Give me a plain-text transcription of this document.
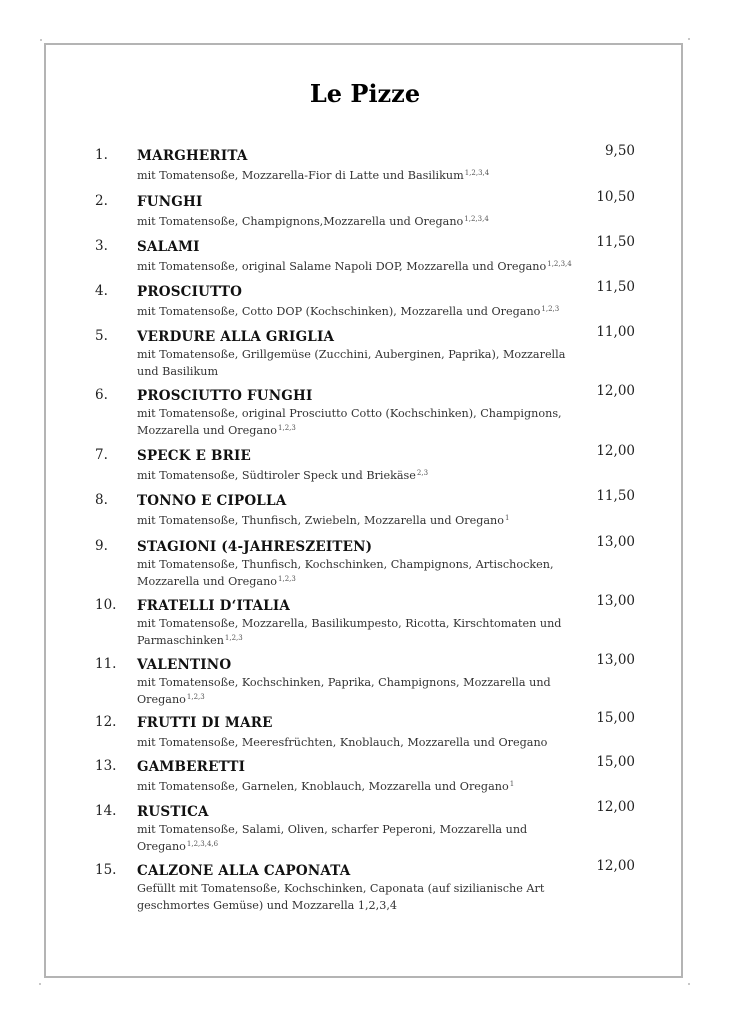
Le Pizze
1. MARGHERITA	9,50
mit Tomatensoße, Mozzarella-Fior di Latte und Basilikum$^{1,2,3,4}$
2. FUNGHI	10,50
mit Tomatensoße, Champignons,Mozzarella und Oregano$^{1,2,3,4}$
3. SALAMI	11,50
mit Tomatensoße, original Salame Napoli DOP, Mozzarella und Oregano$^{1,2,3,4}$
4. PROSCIUTTO	11,50
mit Tomatensoße, Cotto DOP (Kochschinken), Mozzarella und Oregano$^{1,2,3}$
5. VERDURE ALLA GRIGLIA	11,00
mit Tomatensoße, Grillgemüse (Zucchini, Auberginen, Paprika), Mozzarella und Basilikum
6. PROSCIUTTO FUNGHI	12,00
mit Tomatensoße, original Prosciutto Cotto (Kochschinken), Champignons, Mozzarella und Oregano$^{1,2,3}$
7. SPECK E BRIE	12,00
mit Tomatensoße, Südtiroler Speck und Briekäse$^{2,3}$
8. TONNO E CIPOLLA	11,50
mit Tomatensoße, Thunfisch, Zwiebeln, Mozzarella und Oregano$^1$
9. STAGIONI (4-JAHRESZEITEN)	13,00
mit Tomatensoße, Thunfisch, Kochschinken, Champignons, Artischocken, Mozzarella und Oregano$^{1,2,3}$
10. FRATELLI D‘ITALIA	13,00
mit Tomatensoße, Mozzarella, Basilikumpesto, Ricotta, Kirschtomaten und Parmaschinken$^{1,2,3}$
11. VALENTINO	13,00
mit Tomatensoße, Kochschinken, Paprika, Champignons, Mozzarella und Oregano$^{1,2,3}$
12. FRUTTI DI MARE	15,00
mit Tomatensoße, Meeresfrüchten, Knoblauch, Mozzarella und Oregano
13. GAMBERETTI	15,00
mit Tomatensoße, Garnelen, Knoblauch, Mozzarella und Oregano$^1$
14. RUSTICA	12,00
mit Tomatensoße, Salami, Oliven, scharfer Peperoni, Mozzarella und Oregano$^{1,2,3,4,6}$
15. CALZONE ALLA CAPONATA	12,00
Gefüllt mit Tomatensoße, Kochschinken, Caponata (auf sizilianische Art geschmortes Gemüse) und Mozzarella 1,2,3,4
